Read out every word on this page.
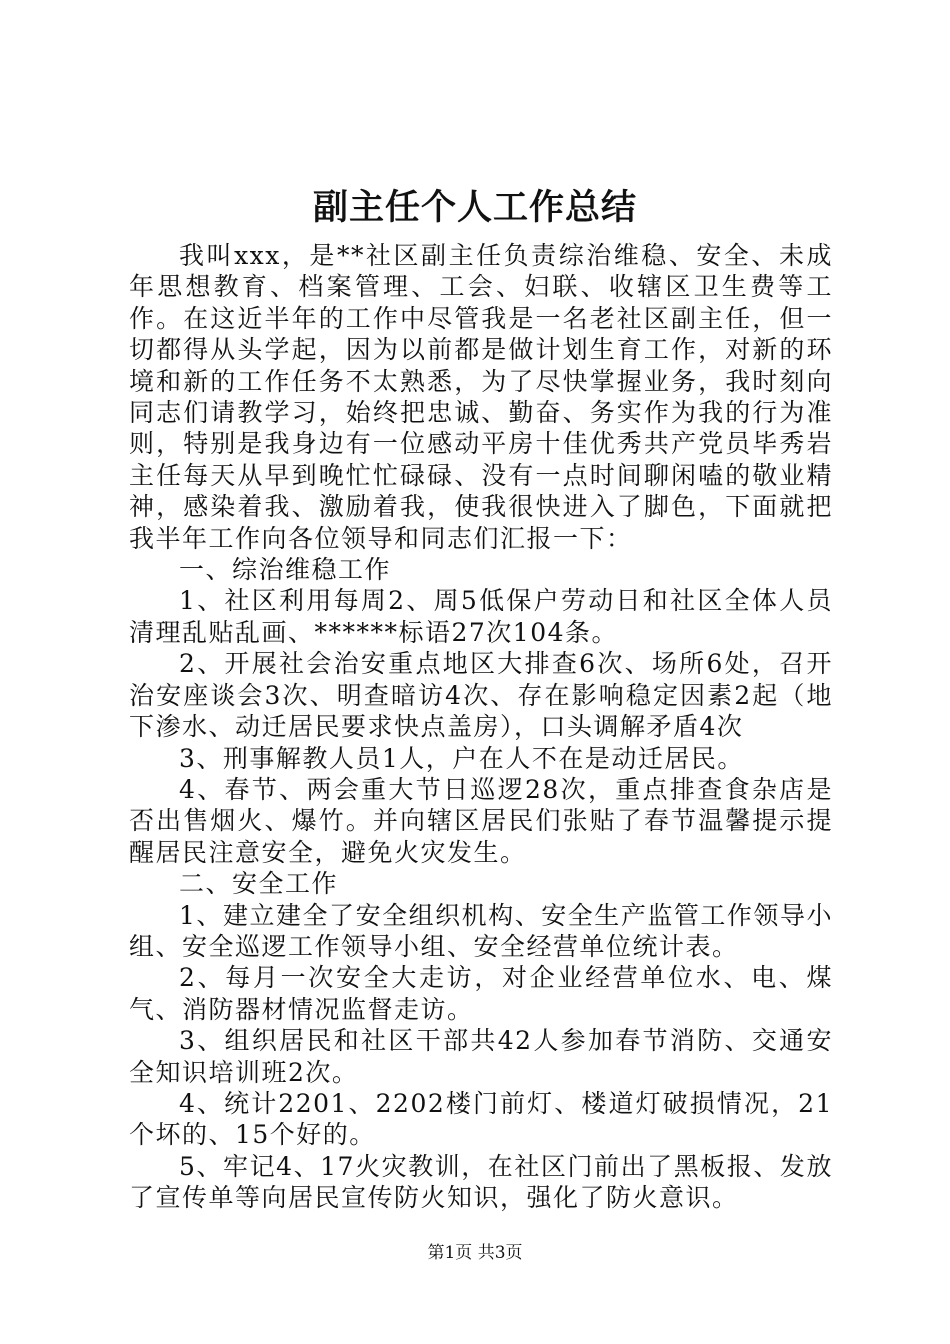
副主任个人工作总结

我叫xxx，是**社区副主任负责综治维稳、安全、未成年思想教育、档案管理、工会、妇联、收辖区卫生费等工作。在这近半年的工作中尽管我是一名老社区副主任，但一切都得从头学起，因为以前都是做计划生育工作，对新的环境和新的工作任务不太熟悉，为了尽快掌握业务，我时刻向同志们请教学习，始终把忠诚、勤奋、务实作为我的行为准则，特别是我身边有一位感动平房十佳优秀共产党员毕秀岩主任每天从早到晚忙忙碌碌、没有一点时间聊闲嗑的敬业精神，感染着我、激励着我，使我很快进入了脚色，下面就把我半年工作向各位领导和同志们汇报一下：

一、综治维稳工作

1、社区利用每周2、周5低保户劳动日和社区全体人员清理乱贴乱画、******标语27次104条。

2、开展社会治安重点地区大排查6次、场所6处，召开治安座谈会3次、明查暗访4次、存在影响稳定因素2起（地下渗水、动迁居民要求快点盖房），口头调解矛盾4次

3、刑事解教人员1人，户在人不在是动迁居民。

4、春节、两会重大节日巡逻28次，重点排查食杂店是否出售烟火、爆竹。并向辖区居民们张贴了春节温馨提示提醒居民注意安全，避免火灾发生。

二、安全工作

1、建立建全了安全组织机构、安全生产监管工作领导小组、安全巡逻工作领导小组、安全经营单位统计表。

2、每月一次安全大走访，对企业经营单位水、电、煤气、消防器材情况监督走访。

3、组织居民和社区干部共42人参加春节消防、交通安全知识培训班2次。

4、统计2201、2202楼门前灯、楼道灯破损情况，21个坏的、15个好的。

5、牢记4、17火灾教训，在社区门前出了黑板报、发放了宣传单等向居民宣传防火知识，强化了防火意识。

第1页 共3页
